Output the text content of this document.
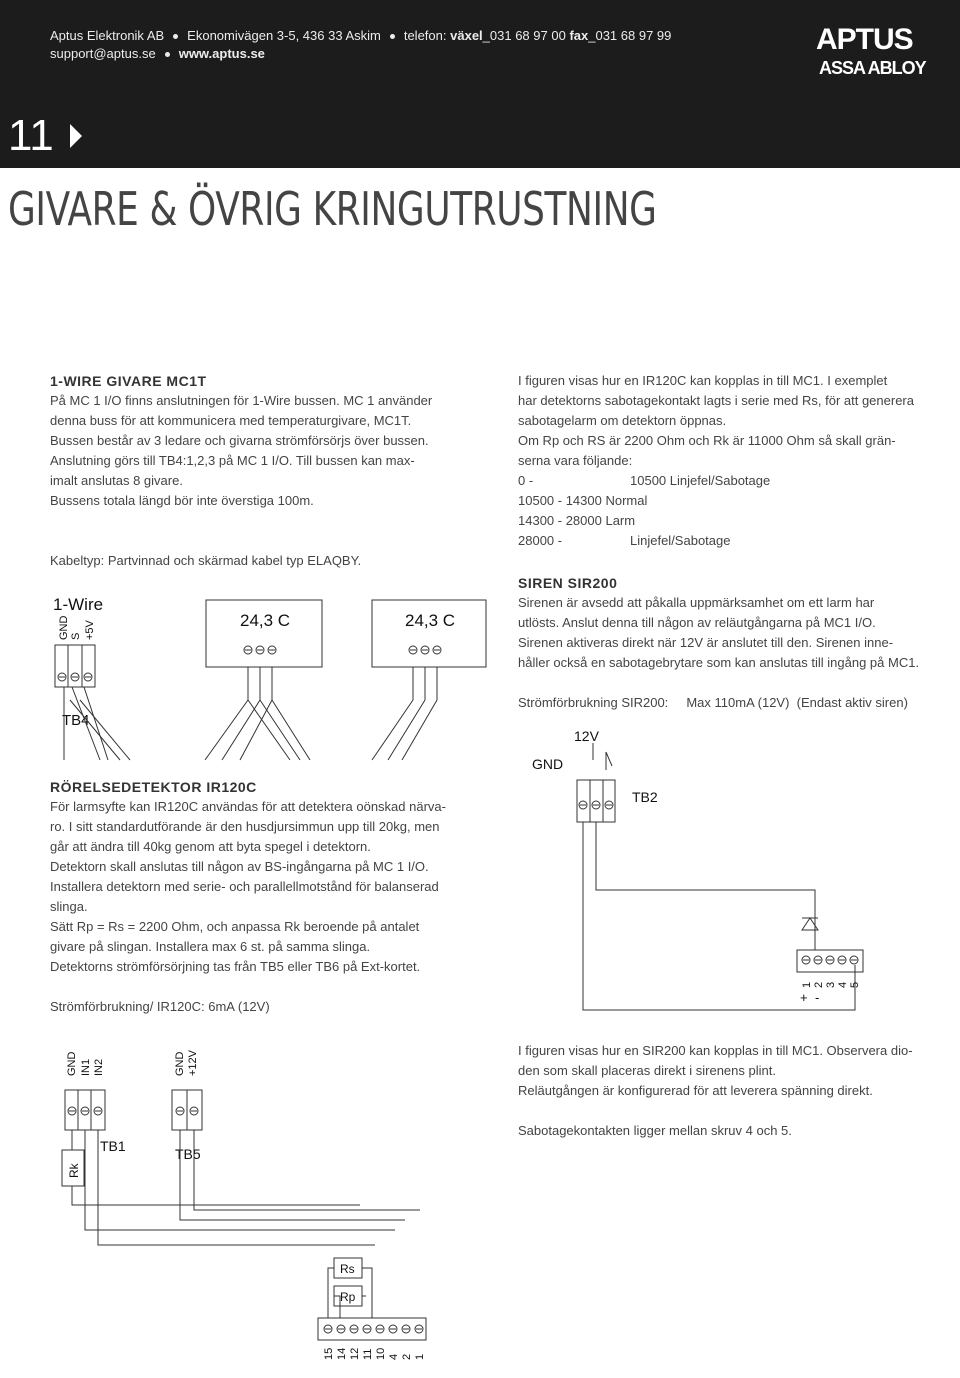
Aptus Elektronik AB Ekonomivägen 3-5, 436 33 Askim telefon: växel_031 68 97 00 fax_031 68 97 99
support@aptus.se www.aptus.se	APTUS
ASSA ABLOY
11
GIVARE & ÖVRIG KRINGUTRUSTNING
1-WIRE GIVARE MC1T

På MC 1 I/O finns anslutningen för 1-Wire bussen. MC 1 använder

denna buss för att kommunicera med temperaturgivare, MC1T.

Bussen består av 3 ledare och givarna strömförsörjs över bussen.

Anslutning görs till TB4:1,2,3 på MC 1 I/O. Till bussen kan max-

imalt anslutas 8 givare.

Bussens totala längd bör inte överstiga 100m.

Kabeltyp: Partvinnad och skärmad kabel typ ELAQBY.

I figuren visas hur en IR120C kan kopplas in till MC1. I exemplet

har detektorns sabotagekontakt lagts i serie med Rs, för att generera

sabotagelarm om detektorn öppnas.

Om Rp och RS är 2200 Ohm och Rk är 11000 Ohm så skall grän-

serna vara följande:

0 -	10500 Linjefel/Sabotage
10500 - 14300 Normal
14300 - 28000 Larm
28000 -	Linjefel/Sabotage
SIREN SIR200

Sirenen är avsedd att påkalla uppmärksamhet om ett larm har

utlösts. Anslut denna till någon av reläutgångarna på MC1 I/O.

Sirenen aktiveras direkt när 12V är anslutet till den. Sirenen inne-

håller också en sabotagebrytare som kan anslutas till ingång på MC1.

Strömförbrukning SIR200:     Max 110mA (12V)  (Endast aktiv siren)

RÖRELSEDETEKTOR IR120C

För larmsyfte kan IR120C användas för att detektera oönskad närva-

ro. I sitt standardutförande är den husdjursimmun upp till 20kg, men

går att ändra till 40kg genom att byta spegel i detektorn.

Detektorn skall anslutas till någon av BS-ingångarna på MC 1 I/O.

Installera detektorn med serie- och parallellmotstånd för balanserad

slinga.

Sätt Rp = Rs = 2200 Ohm, och anpassa Rk beroende på antalet

givare på slingan. Installera max 6 st. på samma slinga.

Detektorns strömförsörjning tas från TB5 eller TB6 på Ext-kortet.

Strömförbrukning/ IR120C: 6mA (12V)

I figuren visas hur en SIR200 kan kopplas in till MC1. Observera dio-

den som skall placeras direkt i sirenens plint.

Reläutgången är konfigurerad för att leverera spänning direkt.

Sabotagekontakten ligger mellan skruv 4 och 5.

1-Wire
GND S +5V
TB4
24,3 C	24,3 C
12V
GND
TB2
1 2 3 4 5
+ -
GND IN1 IN2
TB1
GND +12V
TB5
Rk
Rs
Rp
15 14 12 11 10 4 2 1
